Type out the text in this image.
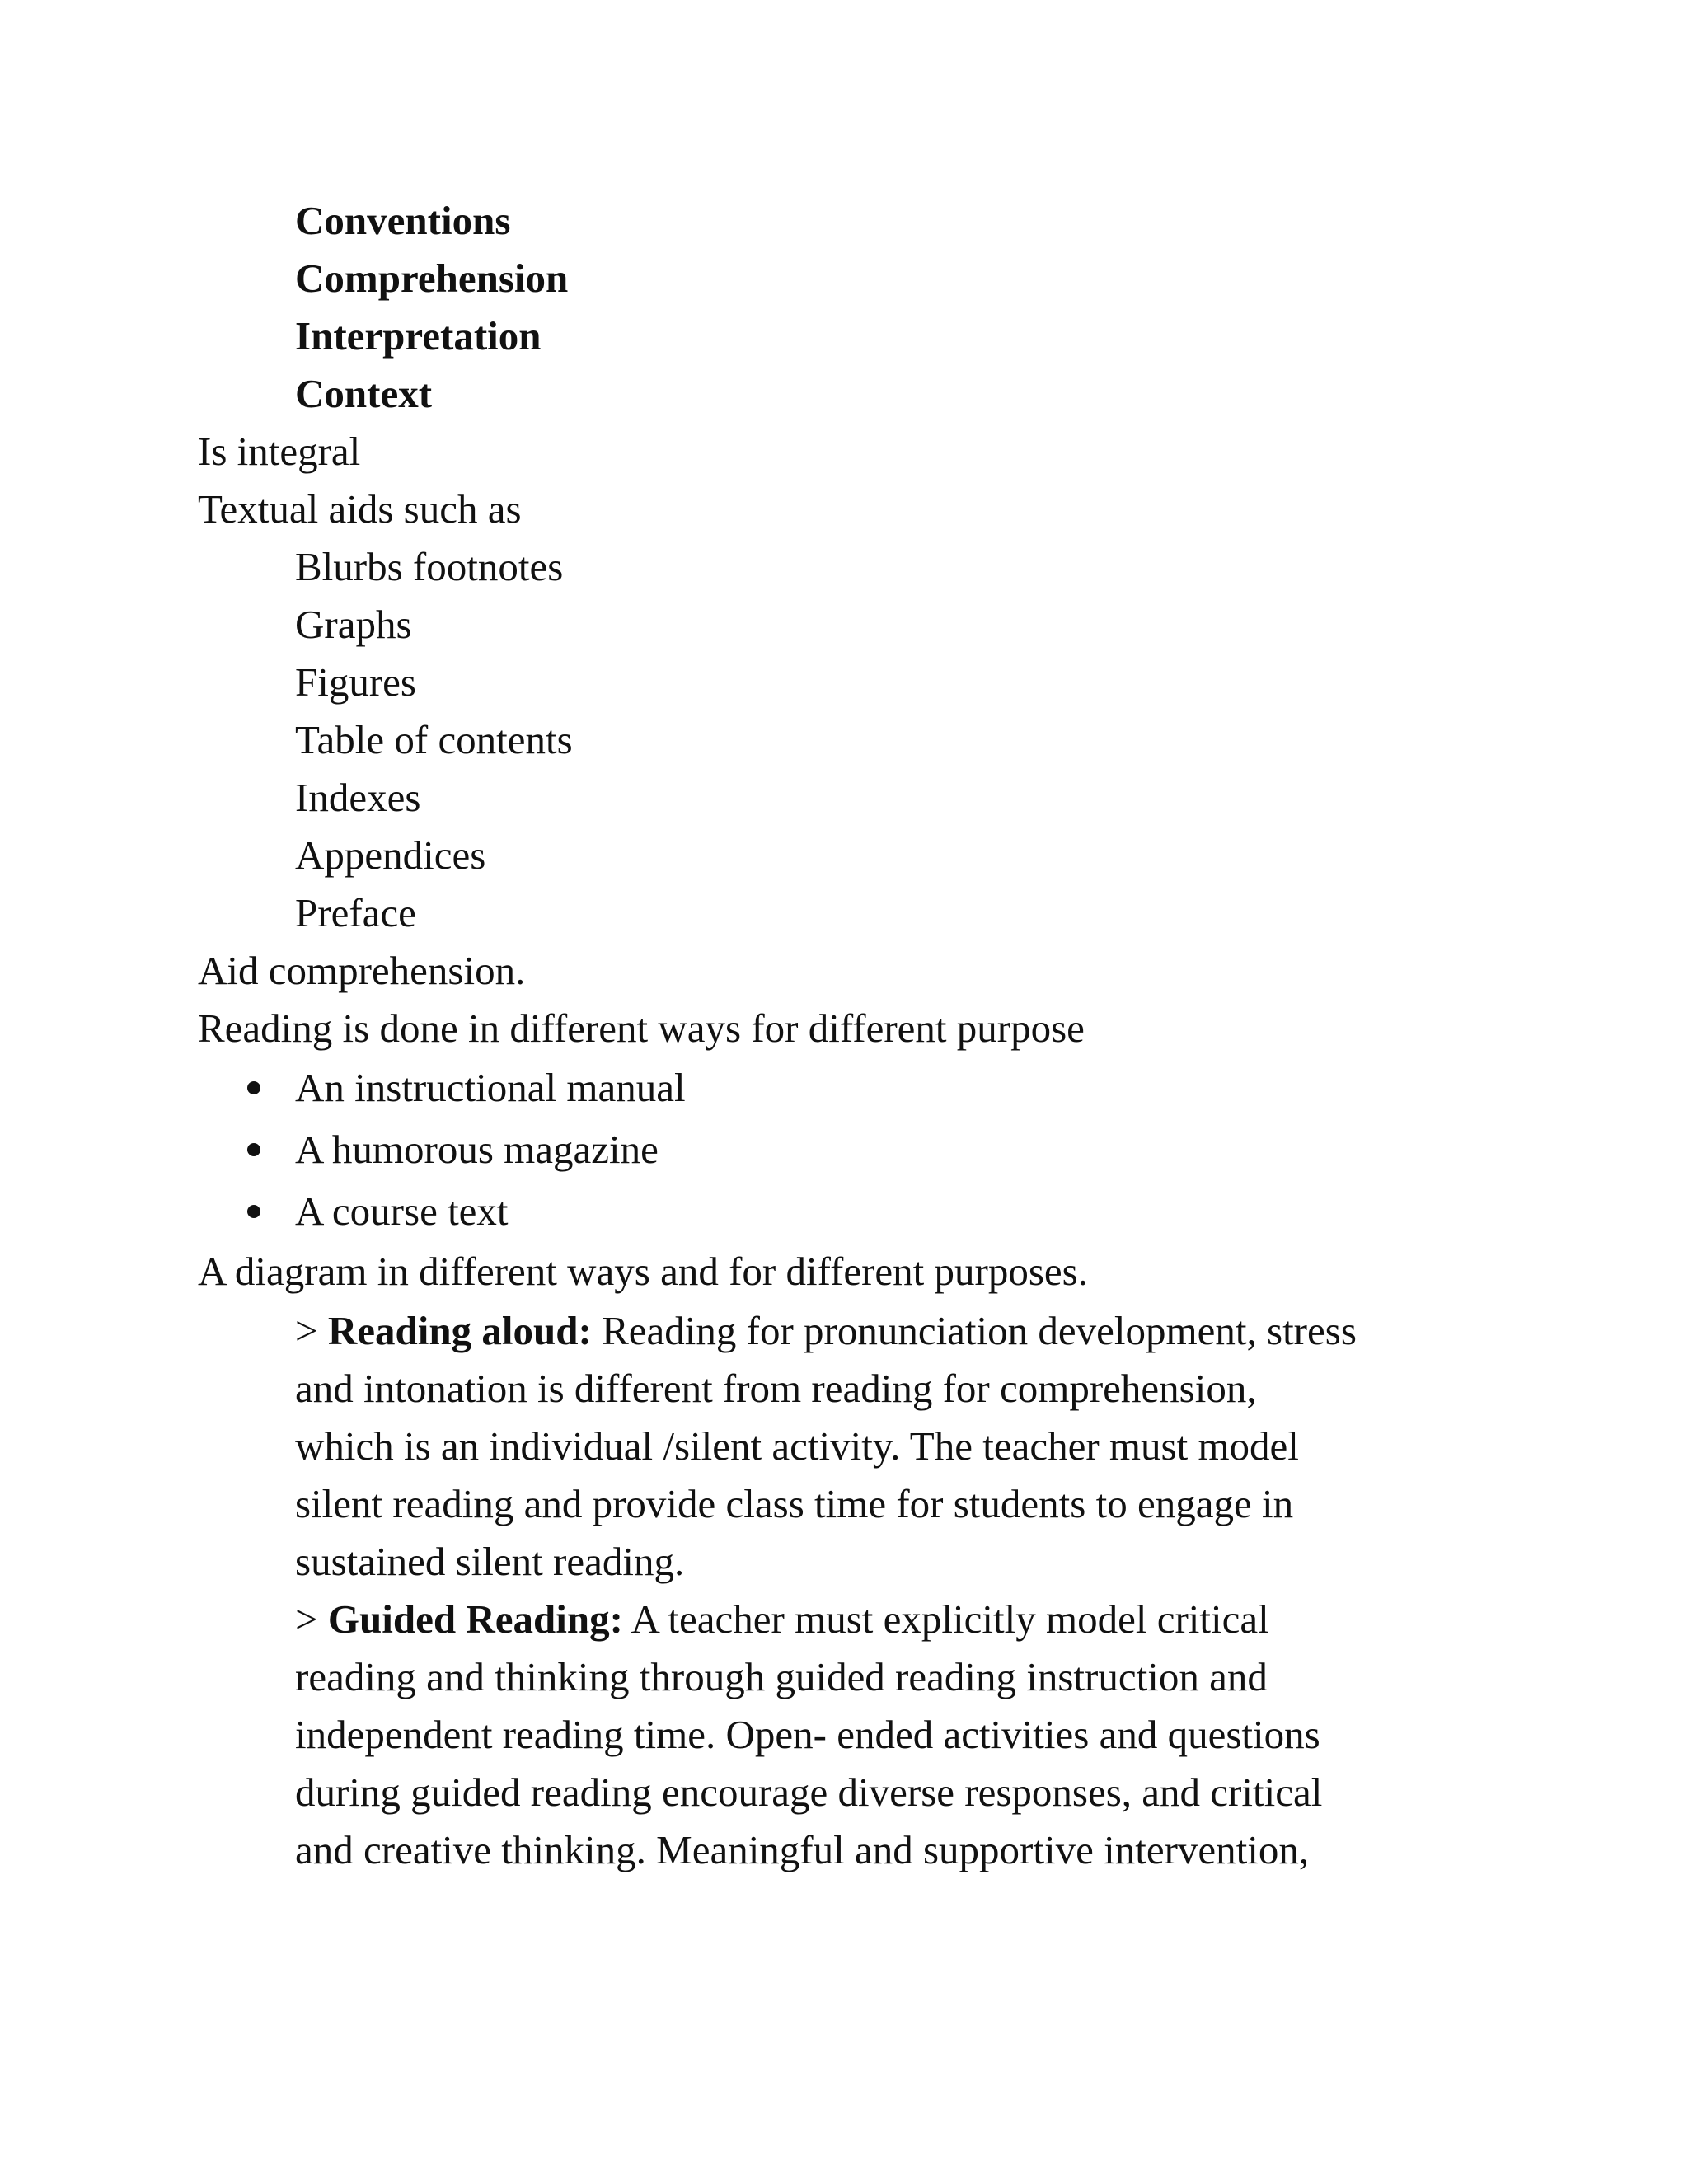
Conventions
Comprehension
Interpretation
Context
Is integral
Textual aids such as
Blurbs footnotes
Graphs
Figures
Table of contents
Indexes
Appendices
Preface
Aid comprehension.
Reading is done in different ways for different purpose
An instructional manual
A humorous magazine
A course text
A diagram in different ways and for different purposes.
> Reading aloud: Reading for pronunciation development, stress
and intonation is different from reading for comprehension,
which is an individual /silent activity. The teacher must model
silent reading and provide class time for students to engage in
sustained silent reading.
> Guided Reading: A teacher must explicitly model critical
reading and thinking through guided reading instruction and
independent reading time. Open- ended activities and questions
during guided reading encourage diverse responses, and critical
and creative thinking. Meaningful and supportive intervention,
